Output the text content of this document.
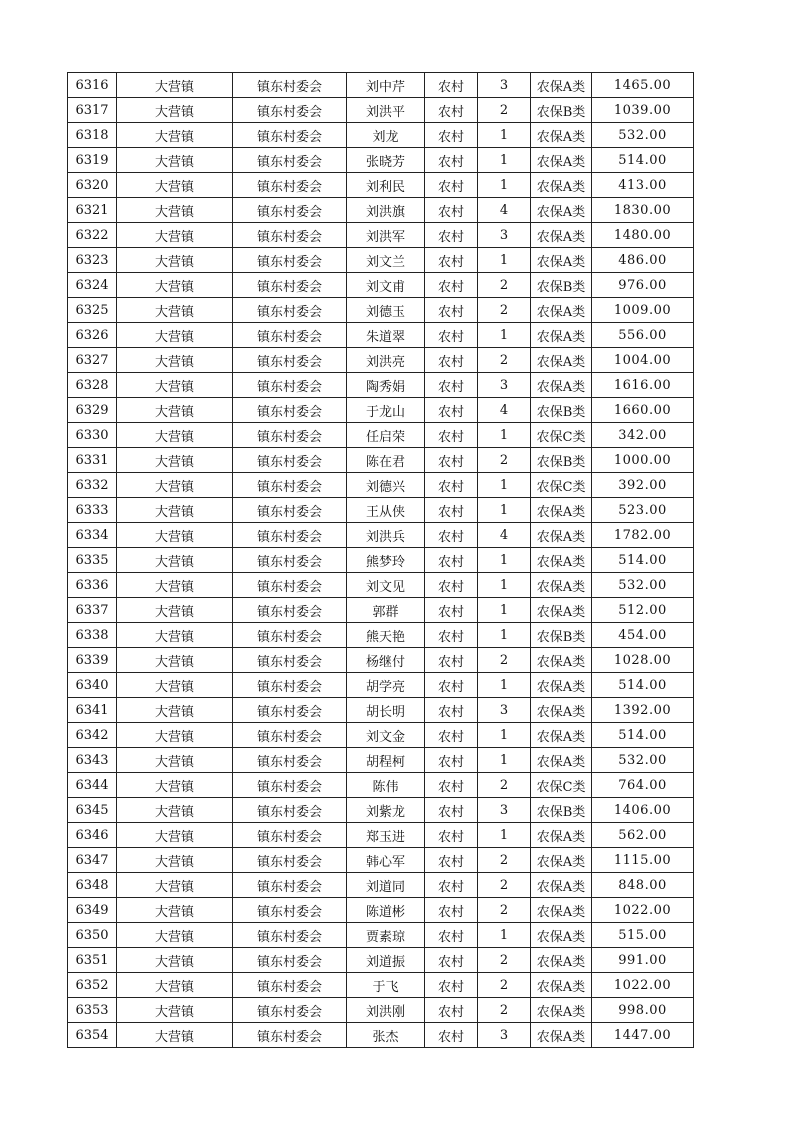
6316	大营镇	镇东村委会	刘中芹	农村	3	农保A类	1465.00
6317	大营镇	镇东村委会	刘洪平	农村	2	农保B类	1039.00
6318	大营镇	镇东村委会	刘龙	农村	1	农保A类	532.00
6319	大营镇	镇东村委会	张晓芳	农村	1	农保A类	514.00
6320	大营镇	镇东村委会	刘利民	农村	1	农保A类	413.00
6321	大营镇	镇东村委会	刘洪旗	农村	4	农保A类	1830.00
6322	大营镇	镇东村委会	刘洪军	农村	3	农保A类	1480.00
6323	大营镇	镇东村委会	刘文兰	农村	1	农保A类	486.00
6324	大营镇	镇东村委会	刘文甫	农村	2	农保B类	976.00
6325	大营镇	镇东村委会	刘德玉	农村	2	农保A类	1009.00
6326	大营镇	镇东村委会	朱道翠	农村	1	农保A类	556.00
6327	大营镇	镇东村委会	刘洪亮	农村	2	农保A类	1004.00
6328	大营镇	镇东村委会	陶秀娟	农村	3	农保A类	1616.00
6329	大营镇	镇东村委会	于龙山	农村	4	农保B类	1660.00
6330	大营镇	镇东村委会	任启荣	农村	1	农保C类	342.00
6331	大营镇	镇东村委会	陈在君	农村	2	农保B类	1000.00
6332	大营镇	镇东村委会	刘德兴	农村	1	农保C类	392.00
6333	大营镇	镇东村委会	王从侠	农村	1	农保A类	523.00
6334	大营镇	镇东村委会	刘洪兵	农村	4	农保A类	1782.00
6335	大营镇	镇东村委会	熊梦玲	农村	1	农保A类	514.00
6336	大营镇	镇东村委会	刘文见	农村	1	农保A类	532.00
6337	大营镇	镇东村委会	郭群	农村	1	农保A类	512.00
6338	大营镇	镇东村委会	熊天艳	农村	1	农保B类	454.00
6339	大营镇	镇东村委会	杨继付	农村	2	农保A类	1028.00
6340	大营镇	镇东村委会	胡学亮	农村	1	农保A类	514.00
6341	大营镇	镇东村委会	胡长明	农村	3	农保A类	1392.00
6342	大营镇	镇东村委会	刘文金	农村	1	农保A类	514.00
6343	大营镇	镇东村委会	胡程柯	农村	1	农保A类	532.00
6344	大营镇	镇东村委会	陈伟	农村	2	农保C类	764.00
6345	大营镇	镇东村委会	刘紫龙	农村	3	农保B类	1406.00
6346	大营镇	镇东村委会	郑玉进	农村	1	农保A类	562.00
6347	大营镇	镇东村委会	韩心军	农村	2	农保A类	1115.00
6348	大营镇	镇东村委会	刘道同	农村	2	农保A类	848.00
6349	大营镇	镇东村委会	陈道彬	农村	2	农保A类	1022.00
6350	大营镇	镇东村委会	贾素琼	农村	1	农保A类	515.00
6351	大营镇	镇东村委会	刘道振	农村	2	农保A类	991.00
6352	大营镇	镇东村委会	于飞	农村	2	农保A类	1022.00
6353	大营镇	镇东村委会	刘洪刚	农村	2	农保A类	998.00
6354	大营镇	镇东村委会	张杰	农村	3	农保A类	1447.00
